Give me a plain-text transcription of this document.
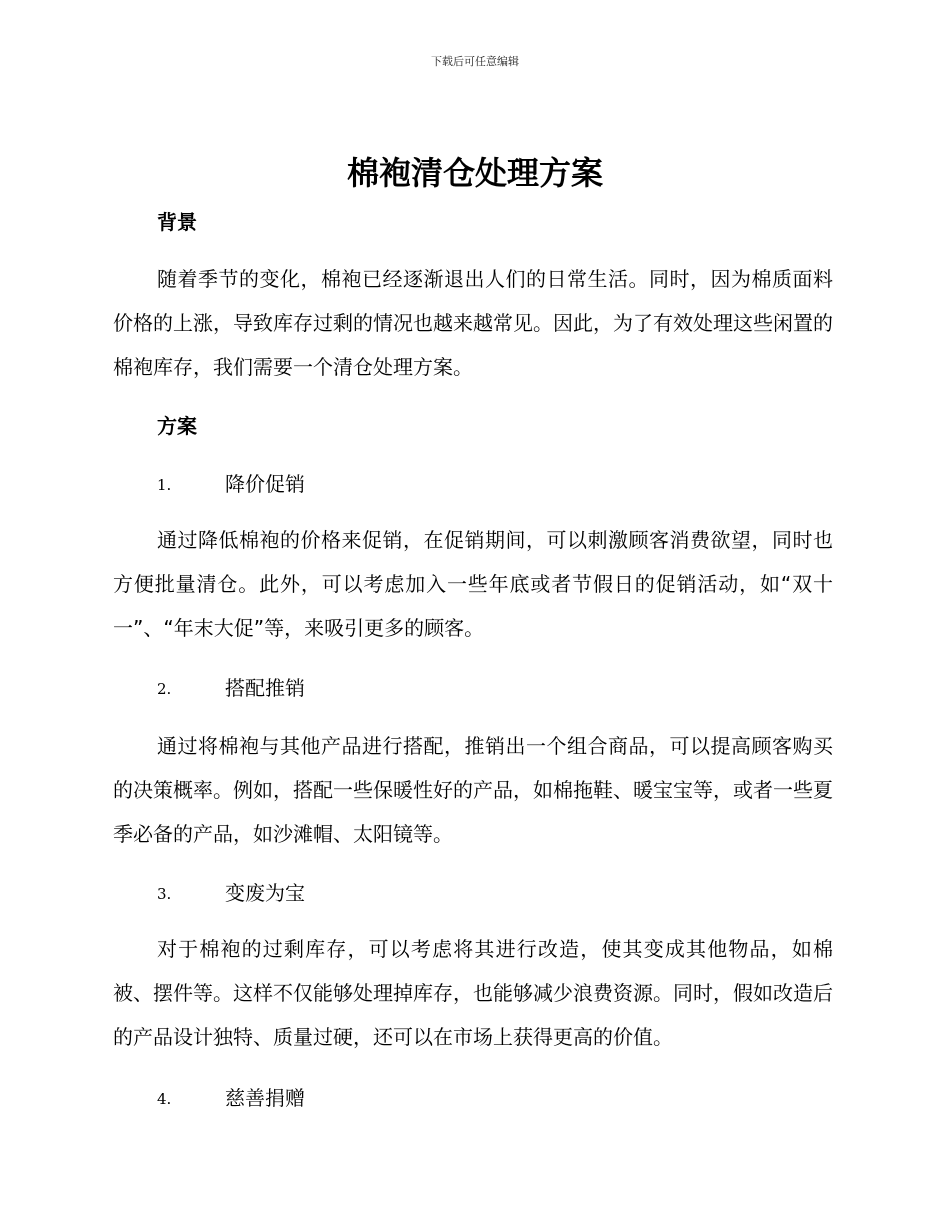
下载后可任意编辑
棉袍清仓处理方案
背景

随着季节的变化，棉袍已经逐渐退出人们的日常生活。同时，因为棉质面料价格的上涨，导致库存过剩的情况也越来越常见。因此，为了有效处理这些闲置的棉袍库存，我们需要一个清仓处理方案。

方案
1.	降价促销

通过降低棉袍的价格来促销，在促销期间，可以刺激顾客消费欲望，同时也方便批量清仓。此外，可以考虑加入一些年底或者节假日的促销活动，如“双十一”、“年末大促”等，来吸引更多的顾客。

2.	搭配推销

通过将棉袍与其他产品进行搭配，推销出一个组合商品，可以提高顾客购买的决策概率。例如，搭配一些保暖性好的产品，如棉拖鞋、暖宝宝等，或者一些夏季必备的产品，如沙滩帽、太阳镜等。

3.	变废为宝

对于棉袍的过剩库存，可以考虑将其进行改造，使其变成其他物品，如棉被、摆件等。这样不仅能够处理掉库存，也能够减少浪费资源。同时，假如改造后的产品设计独特、质量过硬，还可以在市场上获得更高的价值。

4.	慈善捐赠
